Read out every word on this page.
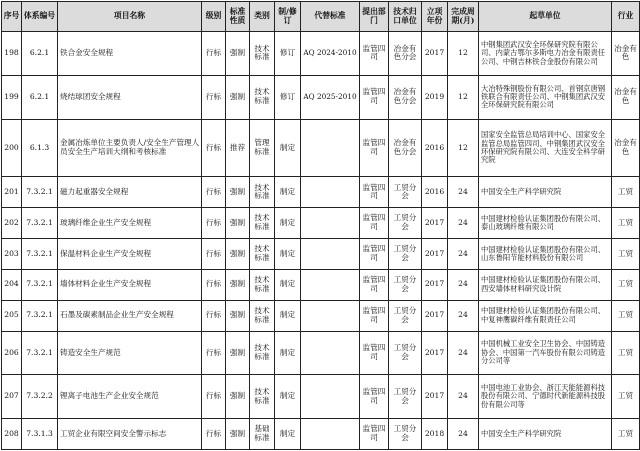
序号	体系编号	项目名称	级别	标准性质	类别	制/修订	代替标准	提出部门	技术归口单位	立项年份	完成周期(月)	起草单位	行业
198	6.2.1	铁合金安全规程	行标	强制	技术标准	修订	AQ 2024-2010	监管四司	冶金有色分会	2017	12	中钢集团武汉安全环保研究院有限公司、内蒙古鄂尔多斯电力冶金有限责任公司、中钢吉林铁合金股份有限公司	冶金有色
199	6.2.1	烧结球团安全规程	行标	强制	技术标准	修订	AQ 2025-2010	监管四司	冶金有色分会	2019	12	大冶特殊钢股份有限公司、首钢京唐钢铁联合有限责任公司、中钢集团武汉安全环保研究院有限公司	冶金有色
200	6.1.3	金属冶炼单位主要负责人/安全生产管理人员安全生产培训大纲和考核标准	行标	推荐	管理标准	制定		监管四司	冶金有色分会	2016	12	国家安全监管总局培训中心、国家安全监管总局监管四司、中钢集团武汉安全环保研究院有限公司、大连安全科学研究院	冶金有色
201	7.3.2.1	磁力起重器安全规程	行标	强制	技术标准	制定		监管四司	工贸分会	2016	24	中国安全生产科学研究院	工贸
202	7.3.2.1	玻璃纤维企业生产安全规程	行标	强制	技术标准	制定		监管四司	工贸分会	2017	24	中国建材检验认证集团股份有限公司、泰山玻璃纤维有限公司	工贸
203	7.3.2.1	保温材料企业生产安全规程	行标	强制	技术标准	制定		监管四司	工贸分会	2017	24	中国建材检验认证集团股份有限公司、山东鲁阳节能材料股份有限公司	工贸
204	7.3.2.1	墙体材料企业生产安全规程	行标	强制	技术标准	制定		监管四司	工贸分会	2017	24	中国建材检验认证集团股份有限公司、西安墙体材料研究设计院	工贸
205	7.3.2.1	石墨及碳素制品企业生产安全规程	行标	强制	技术标准	制定		监管四司	工贸分会	2017	24	中国建材检验认证集团股份有限公司、中复神鹰碳纤维有限责任公司	工贸
206	7.3.2.1	铸造安全生产规范	行标	强制	技术标准	制定		监管四司	工贸分会	2017	24	中国机械工业安全卫生协会、中国铸造协会、中国第一汽车股份有限公司铸造分公司等	工贸
207	7.3.2.2	锂离子电池生产企业安全规范	行标	强制	技术标准	制定		监管四司	工贸分会	2017	24	中国电池工业协会、浙江天能能源科技股份有限公司、宁德时代新能源科技股份有限公司等	工贸
208	7.3.1.3	工贸企业有限空间安全警示标志	行标	强制	基础标准	制定		监管四司	工贸分会	2018	24	中国安全生产科学研究院	工贸
